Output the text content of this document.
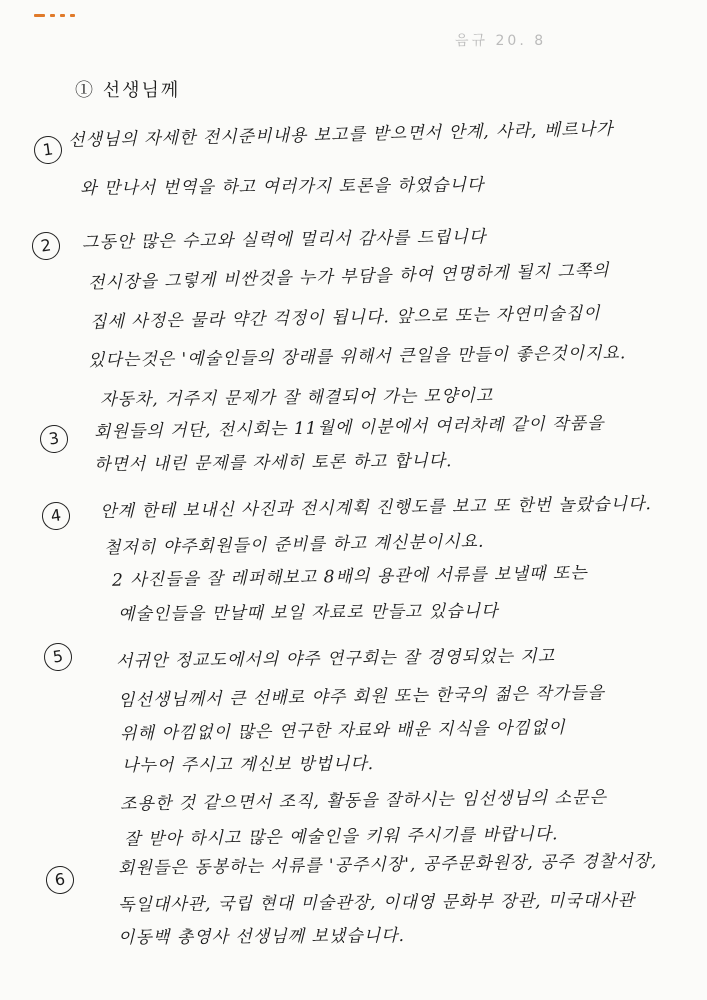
음규 20. 8
① 선생님께
1 선생님의 자세한 전시준비내용 보고를 받으면서 안계, 사라, 베르나가
와 만나서 번역을 하고 여러가지 토론을 하였습니다
2	그동안 많은 수고와 실력에 멀리서 감사를 드립니다
전시장을 그렇게 비싼것을 누가 부담을 하여 연명하게 될지 그쪽의
집세 사정은 물라 약간 걱정이 됩니다. 앞으로 또는 자연미술집이
있다는것은 '예술인들의 장래를 위해서 큰일을 만들이 좋은것이지요.
자동차, 거주지 문제가 잘 해결되어 가는 모양이고
3	회원들의 거단, 전시회는 11월에 이분에서 여러차례 같이 작품을
하면서 내린 문제를 자세히 토론 하고 합니다.
4	안계 한테 보내신 사진과 전시계획 진행도를 보고 또 한번 놀랐습니다.
철저히 야주회원들이 준비를 하고 계신분이시요.
2 사진들을 잘 레퍼해보고 8배의 용관에 서류를 보낼때 또는
예술인들을 만날때 보일 자료로 만들고 있습니다
5	서귀안 정교도에서의 야주 연구회는 잘 경영되었는 지고
임선생님께서 큰 선배로 야주 회원 또는 한국의 젊은 작가들을
위해 아낌없이 많은 연구한 자료와 배운 지식을 아낌없이
나누어 주시고 계신보 방법니다.
조용한 것 같으면서 조직, 활동을 잘하시는 임선생님의 소문은
잘 받아 하시고 많은 예술인을 키워 주시기를 바랍니다.
6
회원들은 동봉하는 서류를 '공주시장', 공주문화원장, 공주 경찰서장,
독일대사관, 국립 현대 미술관장, 이대영 문화부 장관, 미국대사관
이동백 총영사 선생님께 보냈습니다.
